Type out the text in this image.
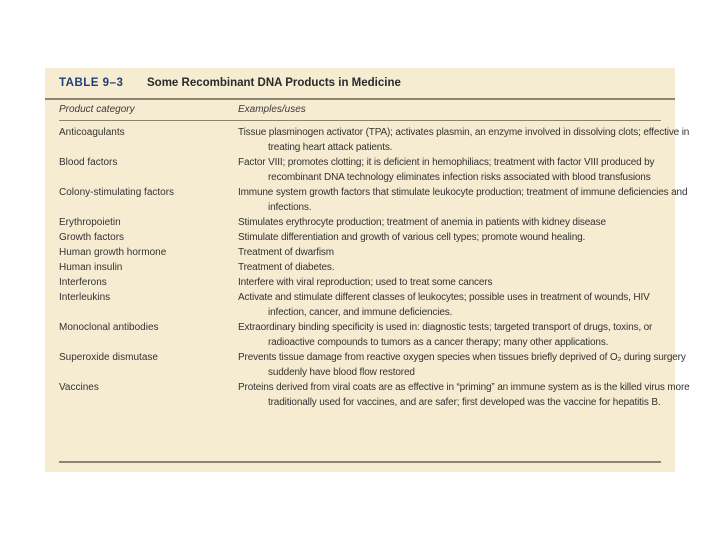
TABLE 9–3 Some Recombinant DNA Products in Medicine
Product category	Examples/uses
Anticoagulants	Tissue plasminogen activator (TPA); activates plasmin, an enzyme involved in dissolving clots; effective in treating heart attack patients.
Blood factors	Factor VIII; promotes clotting; it is deficient in hemophiliacs; treatment with factor VIII produced by recombinant DNA technology eliminates infection risks associated with blood transfusions
Colony-stimulating factors	Immune system growth factors that stimulate leukocyte production; treatment of immune deficiencies and infections.
Erythropoietin	Stimulates erythrocyte production; treatment of anemia in patients with kidney disease
Growth factors	Stimulate differentiation and growth of various cell types; promote wound healing.
Human growth hormone	Treatment of dwarfism
Human insulin	Treatment of diabetes.
Interferons	Interfere with viral reproduction; used to treat some cancers
Interleukins	Activate and stimulate different classes of leukocytes; possible uses in treatment of wounds, HIV infection, cancer, and immune deficiencies.
Monoclonal antibodies	Extraordinary binding specificity is used in: diagnostic tests; targeted transport of drugs, toxins, or radioactive compounds to tumors as a cancer therapy; many other applications.
Superoxide dismutase	Prevents tissue damage from reactive oxygen species when tissues briefly deprived of O₂ during surgery suddenly have blood flow restored
Vaccines	Proteins derived from viral coats are as effective in “priming” an immune system as is the killed virus more traditionally used for vaccines, and are safer; first developed was the vaccine for hepatitis B.
